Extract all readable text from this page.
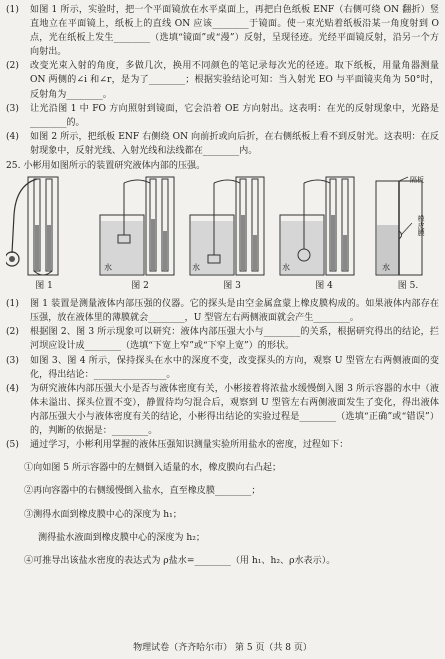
(1) 如图 1 所示，实验时，把一个平面镜放在水平桌面上，再把白色纸板 ENF（右侧可绕 ON 翻折）竖直地立在平面镜上，纸板上的直线 ON 应该________于镜面。使一束光贴着纸板沿某一角度射到 O 点，光在纸板上发生________（选填“镜面”或“漫”）反射，呈现径迹。光经平面镜反射，沿另一个方向射出。

(2) 改变光束入射的角度，多做几次，换用不同颜色的笔记录每次光的径迹。取下纸板，用量角器测量 ON 两侧的∠i 和∠r，是为了________；根据实验结论可知：当入射光 EO 与平面镜夹角为 50°时，反射角为________。

(3) 让光沿图 1 中 FO 方向照射到镜面，它会沿着 OE 方向射出。这表明：在光的反射现象中，光路是________的。

(4) 如图 2 所示，把纸板 ENF 右侧绕 ON 向前折或向后折，在右侧纸板上看不到反射光。这表明：在反射现象中，反射光线、入射光线和法线都在________内。

25. 小彬用如图所示的装置研究液体内部的压强。

图 1	图 2	图 3	图 4
隔板
橡皮膜
水
图 5.
水	水	水
(1) 图 1 装置是测量液体内部压强的仪器。它的探头是由空金属盒蒙上橡皮膜构成的。如果液体内部存在压强，放在液体里的薄膜就会________，U 型管左右两侧液面就会产生________。

(2) 根据图 2、图 3 所示现象可以研究：液体内部压强大小与________的关系，根据研究得出的结论，拦河坝应设计成________（选填“下宽上窄”或“下窄上宽”）的形状。

(3) 如图 3、图 4 所示，保持探头在水中的深度不变，改变探头的方向，观察 U 型管左右两侧液面的变化，得出结论：________________。

(4) 为研究液体内部压强大小是否与液体密度有关，小彬接着将浓盐水缓慢倒入图 3 所示容器的水中（液体未溢出、探头位置不变），静置待均匀混合后，观察到 U 型管左右两侧液面发生了变化，得出液体内部压强大小与液体密度有关的结论，小彬得出结论的实验过程是________（选填“正确”或“错误”）的，判断的依据是：________。

(5) 通过学习，小彬利用掌握的液体压强知识测量实验所用盐水的密度，过程如下：

①向如图 5 所示容器中的左侧倒入适量的水，橡皮膜向右凸起；

②再向容器中的右侧缓慢倒入盐水，直至橡皮膜________；

③测得水面到橡皮膜中心的深度为 h₁；

测得盐水液面到橡皮膜中心的深度为 h₂；

④可推导出该盐水密度的表达式为 ρ盐水=________（用 h₁、h₂、ρ水表示）。

物理试卷（齐齐哈尔市） 第 5 页（共 8 页）
